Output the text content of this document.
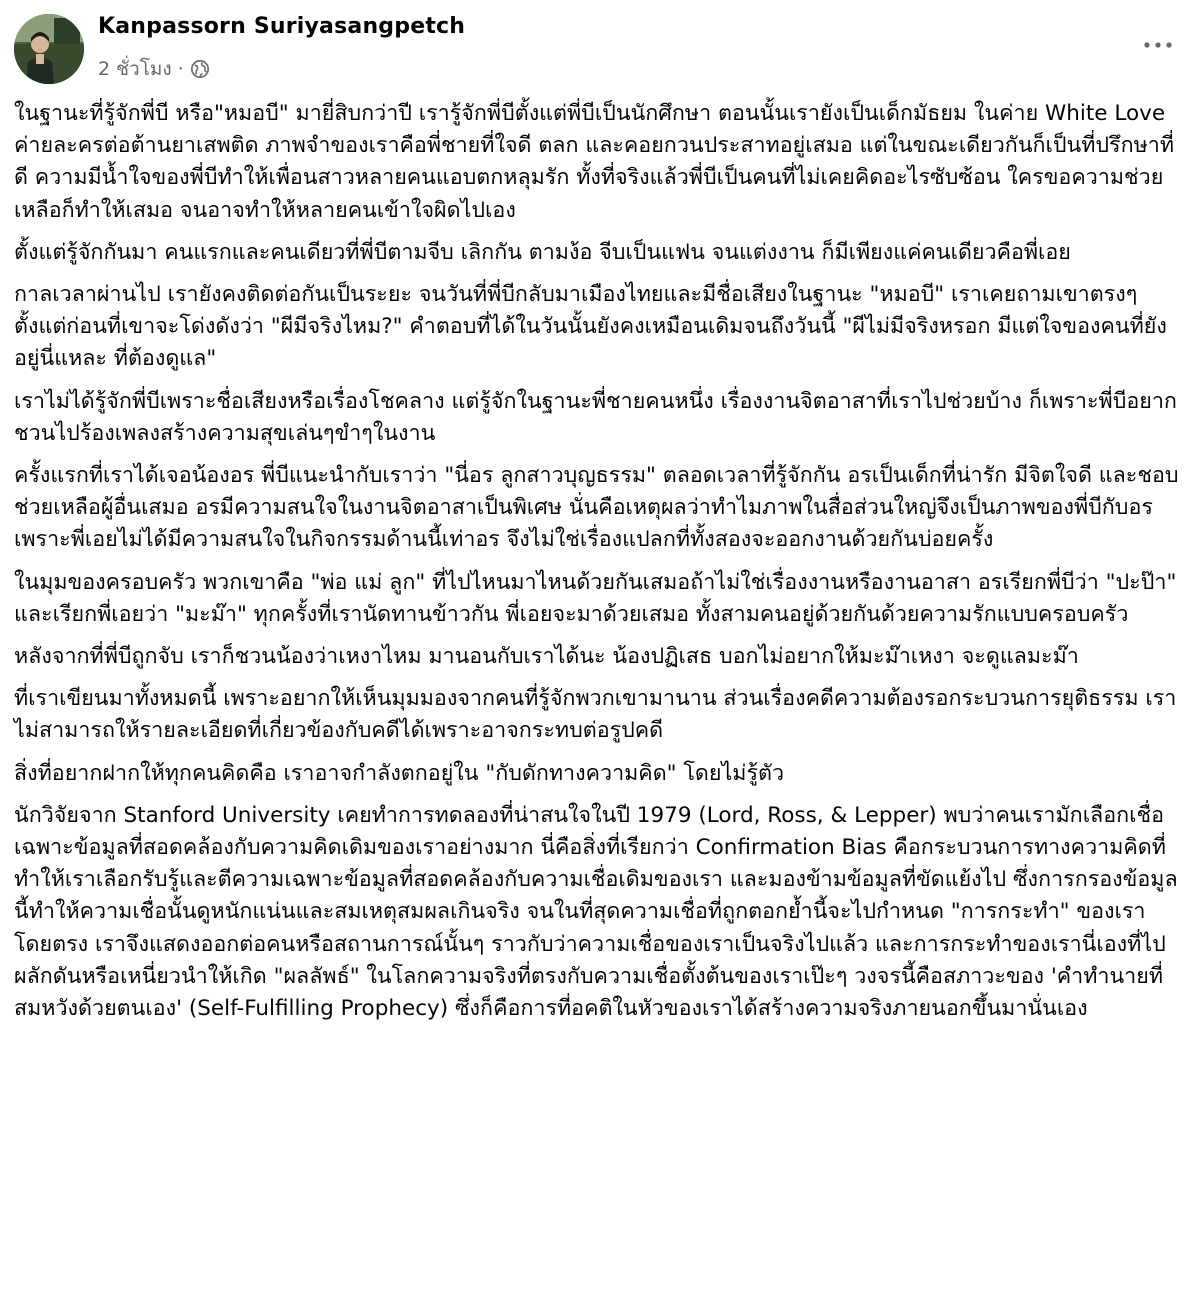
Kanpassorn Suriyasangpetch
2 ชั่วโมง ·

ในฐานะที่รู้จักพี่บี หรือ"หมอบี" มายี่สิบกว่าปี เรารู้จักพี่บีตั้งแต่พี่บีเป็นนักศึกษา ตอนนั้นเรายังเป็นเด็กมัธยม ในค่าย White Love ค่ายละครต่อต้านยาเสพติด ภาพจำของเราคือพี่ชายที่ใจดี ตลก และคอยกวนประสาทอยู่เสมอ แต่ในขณะเดียวกันก็เป็นที่ปรึกษาที่ดี ความมีน้ำใจของพี่บีทำให้เพื่อนสาวหลายคนแอบตกหลุมรัก ทั้งที่จริงแล้วพี่บีเป็นคนที่ไม่เคยคิดอะไรซับซ้อน ใครขอความช่วยเหลือก็ทำให้เสมอ จนอาจทำให้หลายคนเข้าใจผิดไปเอง

ตั้งแต่รู้จักกันมา คนแรกและคนเดียวที่พี่บีตามจีบ เลิกกัน ตามง้อ จีบเป็นแฟน จนแต่งงาน ก็มีเพียงแค่คนเดียวคือพี่เอย

กาลเวลาผ่านไป เรายังคงติดต่อกันเป็นระยะ จนวันที่พี่บีกลับมาเมืองไทยและมีชื่อเสียงในฐานะ "หมอบี" เราเคยถามเขาตรงๆ ตั้งแต่ก่อนที่เขาจะโด่งดังว่า "ผีมีจริงไหม?" คำตอบที่ได้ในวันนั้นยังคงเหมือนเดิมจนถึงวันนี้ "ผีไม่มีจริงหรอก มีแต่ใจของคนที่ยังอยู่นี่แหละ ที่ต้องดูแล"

เราไม่ได้รู้จักพี่บีเพราะชื่อเสียงหรือเรื่องโชคลาง แต่รู้จักในฐานะพี่ชายคนหนึ่ง เรื่องงานจิตอาสาที่เราไปช่วยบ้าง ก็เพราะพี่บีอยากชวนไปร้องเพลงสร้างความสุขเล่นๆขำๆในงาน

ครั้งแรกที่เราได้เจอน้องอร พี่บีแนะนำกับเราว่า "นี่อร ลูกสาวบุญธรรม" ตลอดเวลาที่รู้จักกัน อรเป็นเด็กที่น่ารัก มีจิตใจดี และชอบช่วยเหลือผู้อื่นเสมอ อรมีความสนใจในงานจิตอาสาเป็นพิเศษ นั่นคือเหตุผลว่าทำไมภาพในสื่อส่วนใหญ่จึงเป็นภาพของพี่บีกับอร เพราะพี่เอยไม่ได้มีความสนใจในกิจกรรมด้านนี้เท่าอร จึงไม่ใช่เรื่องแปลกที่ทั้งสองจะออกงานด้วยกันบ่อยครั้ง

ในมุมของครอบครัว พวกเขาคือ "พ่อ แม่ ลูก" ที่ไปไหนมาไหนด้วยกันเสมอถ้าไม่ใช่เรื่องงานหรืองานอาสา อรเรียกพี่บีว่า "ปะป๊า" และเรียกพี่เอยว่า "มะม๊า" ทุกครั้งที่เรานัดทานข้าวกัน พี่เอยจะมาด้วยเสมอ ทั้งสามคนอยู่ด้วยกันด้วยความรักแบบครอบครัว

หลังจากที่พี่บีถูกจับ เราก็ชวนน้องว่าเหงาไหม มานอนกับเราได้นะ น้องปฏิเสธ บอกไม่อยากให้มะม๊าเหงา จะดูแลมะม๊า

ที่เราเขียนมาทั้งหมดนี้ เพราะอยากให้เห็นมุมมองจากคนที่รู้จักพวกเขามานาน ส่วนเรื่องคดีความต้องรอกระบวนการยุติธรรม เราไม่สามารถให้รายละเอียดที่เกี่ยวข้องกับคดีได้เพราะอาจกระทบต่อรูปคดี

สิ่งที่อยากฝากให้ทุกคนคิดคือ เราอาจกำลังตกอยู่ใน "กับดักทางความคิด" โดยไม่รู้ตัว

นักวิจัยจาก Stanford University เคยทำการทดลองที่น่าสนใจในปี 1979 (Lord, Ross, & Lepper) พบว่าคนเรามักเลือกเชื่อเฉพาะข้อมูลที่สอดคล้องกับความคิดเดิมของเราอย่างมาก นี่คือสิ่งที่เรียกว่า Confirmation Bias คือกระบวนการทางความคิดที่ทำให้เราเลือกรับรู้และตีความเฉพาะข้อมูลที่สอดคล้องกับความเชื่อเดิมของเรา และมองข้ามข้อมูลที่ขัดแย้งไป ซึ่งการกรองข้อมูลนี้ทำให้ความเชื่อนั้นดูหนักแน่นและสมเหตุสมผลเกินจริง จนในที่สุดความเชื่อที่ถูกตอกย้ำนี้จะไปกำหนด "การกระทำ" ของเราโดยตรง เราจึงแสดงออกต่อคนหรือสถานการณ์นั้นๆ ราวกับว่าความเชื่อของเราเป็นจริงไปแล้ว และการกระทำของเรานี่เองที่ไปผลักดันหรือเหนี่ยวนำให้เกิด "ผลลัพธ์" ในโลกความจริงที่ตรงกับความเชื่อตั้งต้นของเราเป๊ะๆ วงจรนี้คือสภาวะของ 'คำทำนายที่สมหวังด้วยตนเอง' (Self-Fulfilling Prophecy) ซึ่งก็คือการที่อคติในหัวของเราได้สร้างความจริงภายนอกขึ้นมานั่นเอง
